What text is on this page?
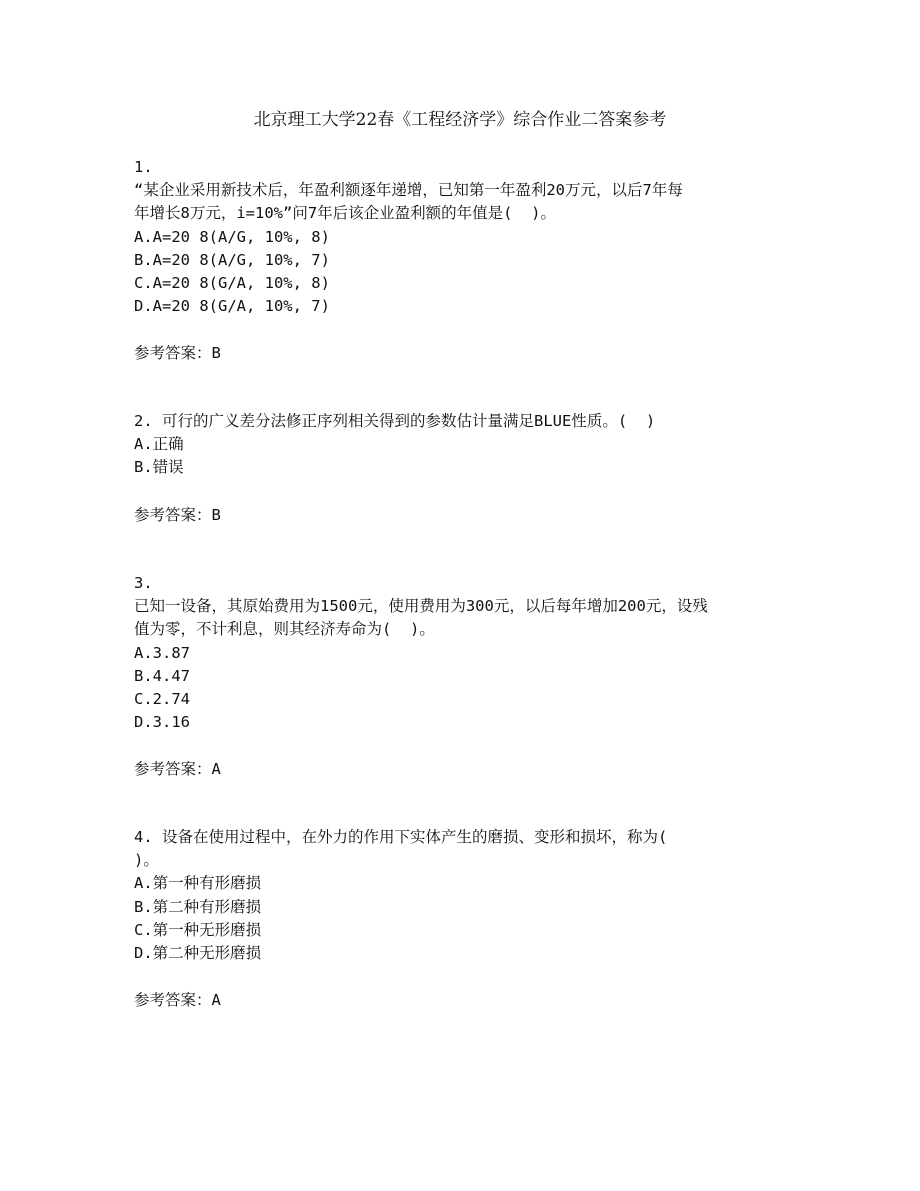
北京理工大学22春《工程经济学》综合作业二答案参考
1.
“某企业采用新技术后，年盈利额逐年递增，已知第一年盈利20万元，以后7年每
年增长8万元，i=10%”问7年后该企业盈利额的年值是(  )。
A.A=20 8(A/G, 10%, 8)
B.A=20 8(A/G, 10%, 7)
C.A=20 8(G/A, 10%, 8)
D.A=20 8(G/A, 10%, 7)
参考答案：B
2. 可行的广义差分法修正序列相关得到的参数估计量满足BLUE性质。(  )
A.正确
B.错误
参考答案：B
3.
已知一设备，其原始费用为1500元，使用费用为300元，以后每年增加200元，设残
值为零，不计利息，则其经济寿命为(  )。
A.3.87
B.4.47
C.2.74
D.3.16
参考答案：A
4. 设备在使用过程中，在外力的作用下实体产生的磨损、变形和损坏，称为(
)。
A.第一种有形磨损
B.第二种有形磨损
C.第一种无形磨损
D.第二种无形磨损
参考答案：A
